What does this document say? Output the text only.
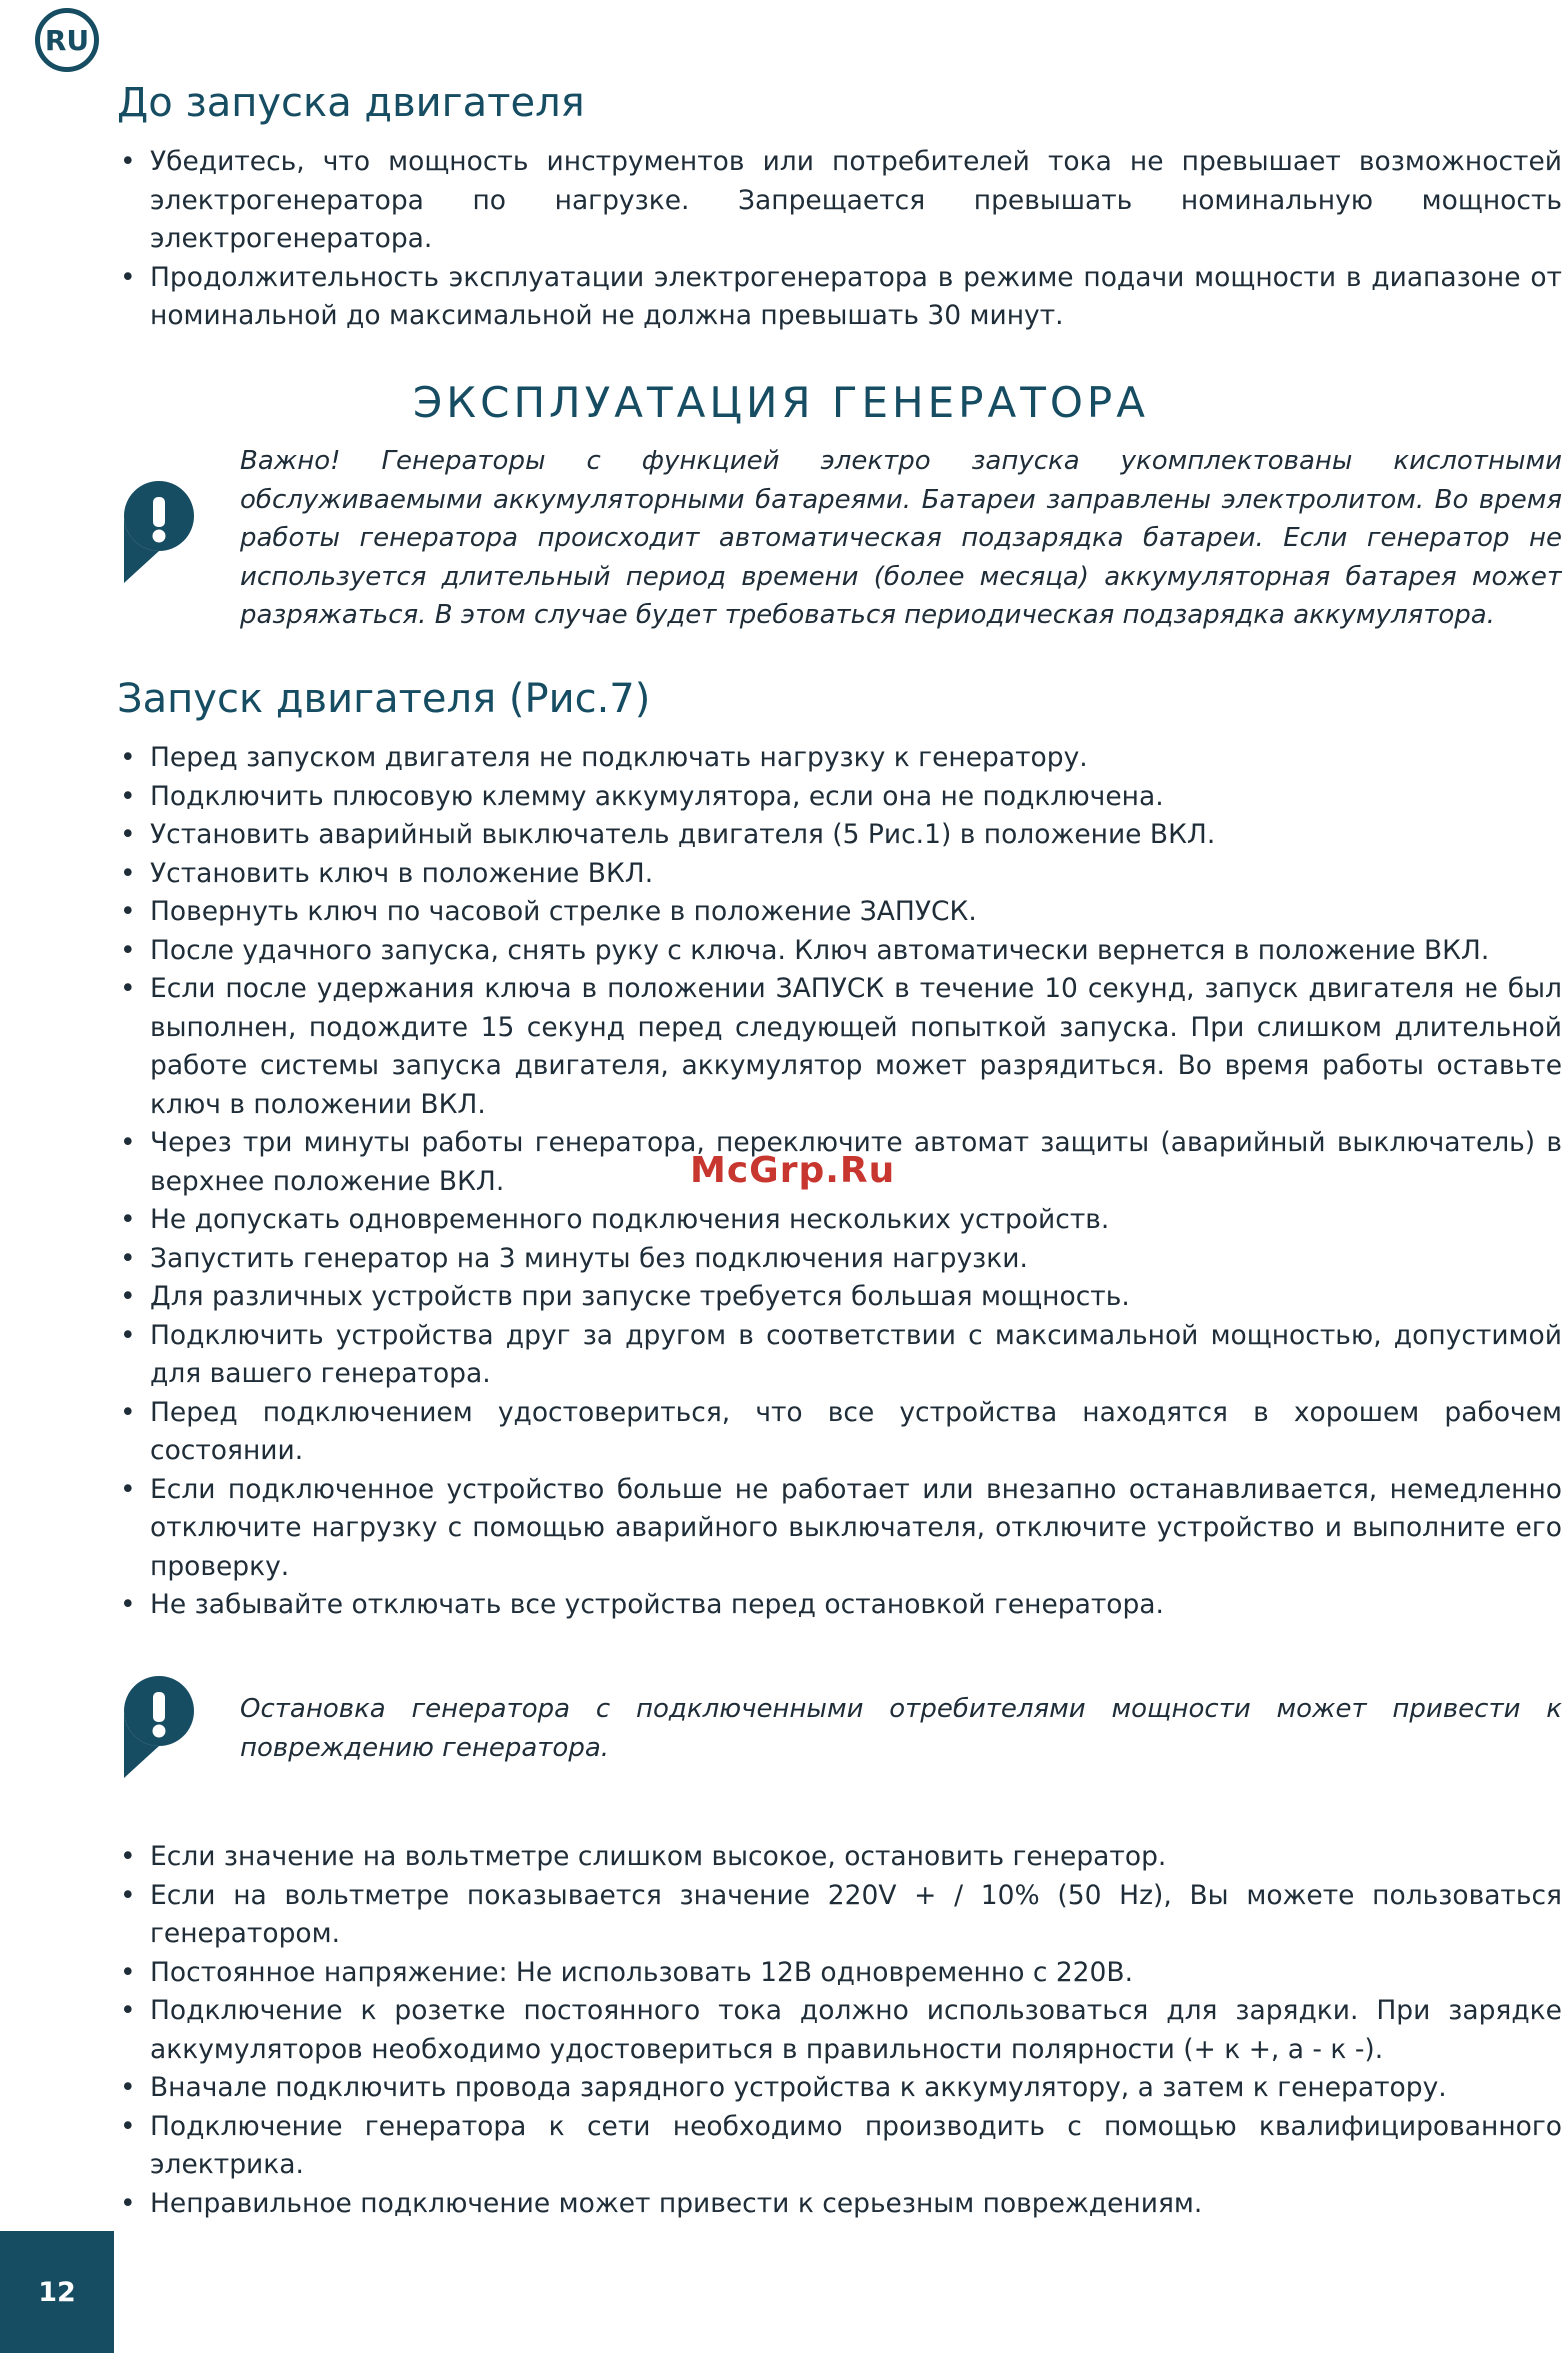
RU
До запуска двигателя
• Убедитесь, что мощность инструментов или потребителей тока не превышает возможностей электрогенератора по нагрузке. Запрещается превышать номинальную мощность электрогенератора.
• Продолжительность эксплуатации электрогенератора в режиме подачи мощности в диапазоне от номинальной до максимальной не должна превышать 30 минут.
ЭКСПЛУАТАЦИЯ ГЕНЕРАТОРА

Важно! Генераторы с функцией электро запуска укомплектованы кислотными обслуживаемыми аккумуляторными батареями. Батареи заправлены электролитом. Во время работы генератора происходит автоматическая подзарядка батареи. Если генератор не используется длительный период времени (более месяца) аккумуляторная батарея может разряжаться. В этом случае будет требоваться периодическая подзарядка аккумулятора.

Запуск двигателя (Рис.7)
• Перед запуском двигателя не подключать нагрузку к генератору.
• Подключить плюсовую клемму аккумулятора, если она не подключена.
• Установить аварийный выключатель двигателя (5 Рис.1) в положение ВКЛ.
• Установить ключ в положение ВКЛ.
• Повернуть ключ по часовой стрелке в положение ЗАПУСК.
• После удачного запуска, снять руку с ключа. Ключ автоматически вернется в положение ВКЛ.
• Если после удержания ключа в положении ЗАПУСК в течение 10 секунд, запуск двигателя не был выполнен, подождите 15 секунд перед следующей попыткой запуска. При слишком длительной работе системы запуска двигателя, аккумулятор может разрядиться. Во время работы оставьте ключ в положении ВКЛ.
• Через три минуты работы генератора, переключите автомат защиты (аварийный выключатель) в верхнее положение ВКЛ.
• Не допускать одновременного подключения нескольких устройств.
• Запустить генератор на 3 минуты без подключения нагрузки.
• Для различных устройств при запуске требуется большая мощность.
• Подключить устройства друг за другом в соответствии с максимальной мощностью, допустимой для вашего генератора.
• Перед подключением удостовериться, что все устройства находятся в хорошем рабочем состоянии.
• Если подключенное устройство больше не работает или внезапно останавливается, немедленно отключите нагрузку с помощью аварийного выключателя, отключите устройство и выполните его проверку.
• Не забывайте отключать все устройства перед остановкой генератора.
McGrp.Ru

Остановка генератора с подключенными отребителями мощности может привести к повреждению генератора.

• Если значение на вольтметре слишком высокое, остановить генератор.
• Если на вольтметре показывается значение 220V + / 10% (50 Hz), Вы можете пользоваться генератором.
• Постоянное напряжение: Не использовать 12В одновременно с 220В.
• Подключение к розетке постоянного тока должно использоваться для зарядки. При зарядке аккумуляторов необходимо удостовериться в правильности полярности (+ к +, a - к -).
• Вначале подключить провода зарядного устройства к аккумулятору, а затем к генератору.
• Подключение генератора к сети необходимо производить с помощью квалифицированного электрика.
• Неправильное подключение может привести к серьезным повреждениям.
12
